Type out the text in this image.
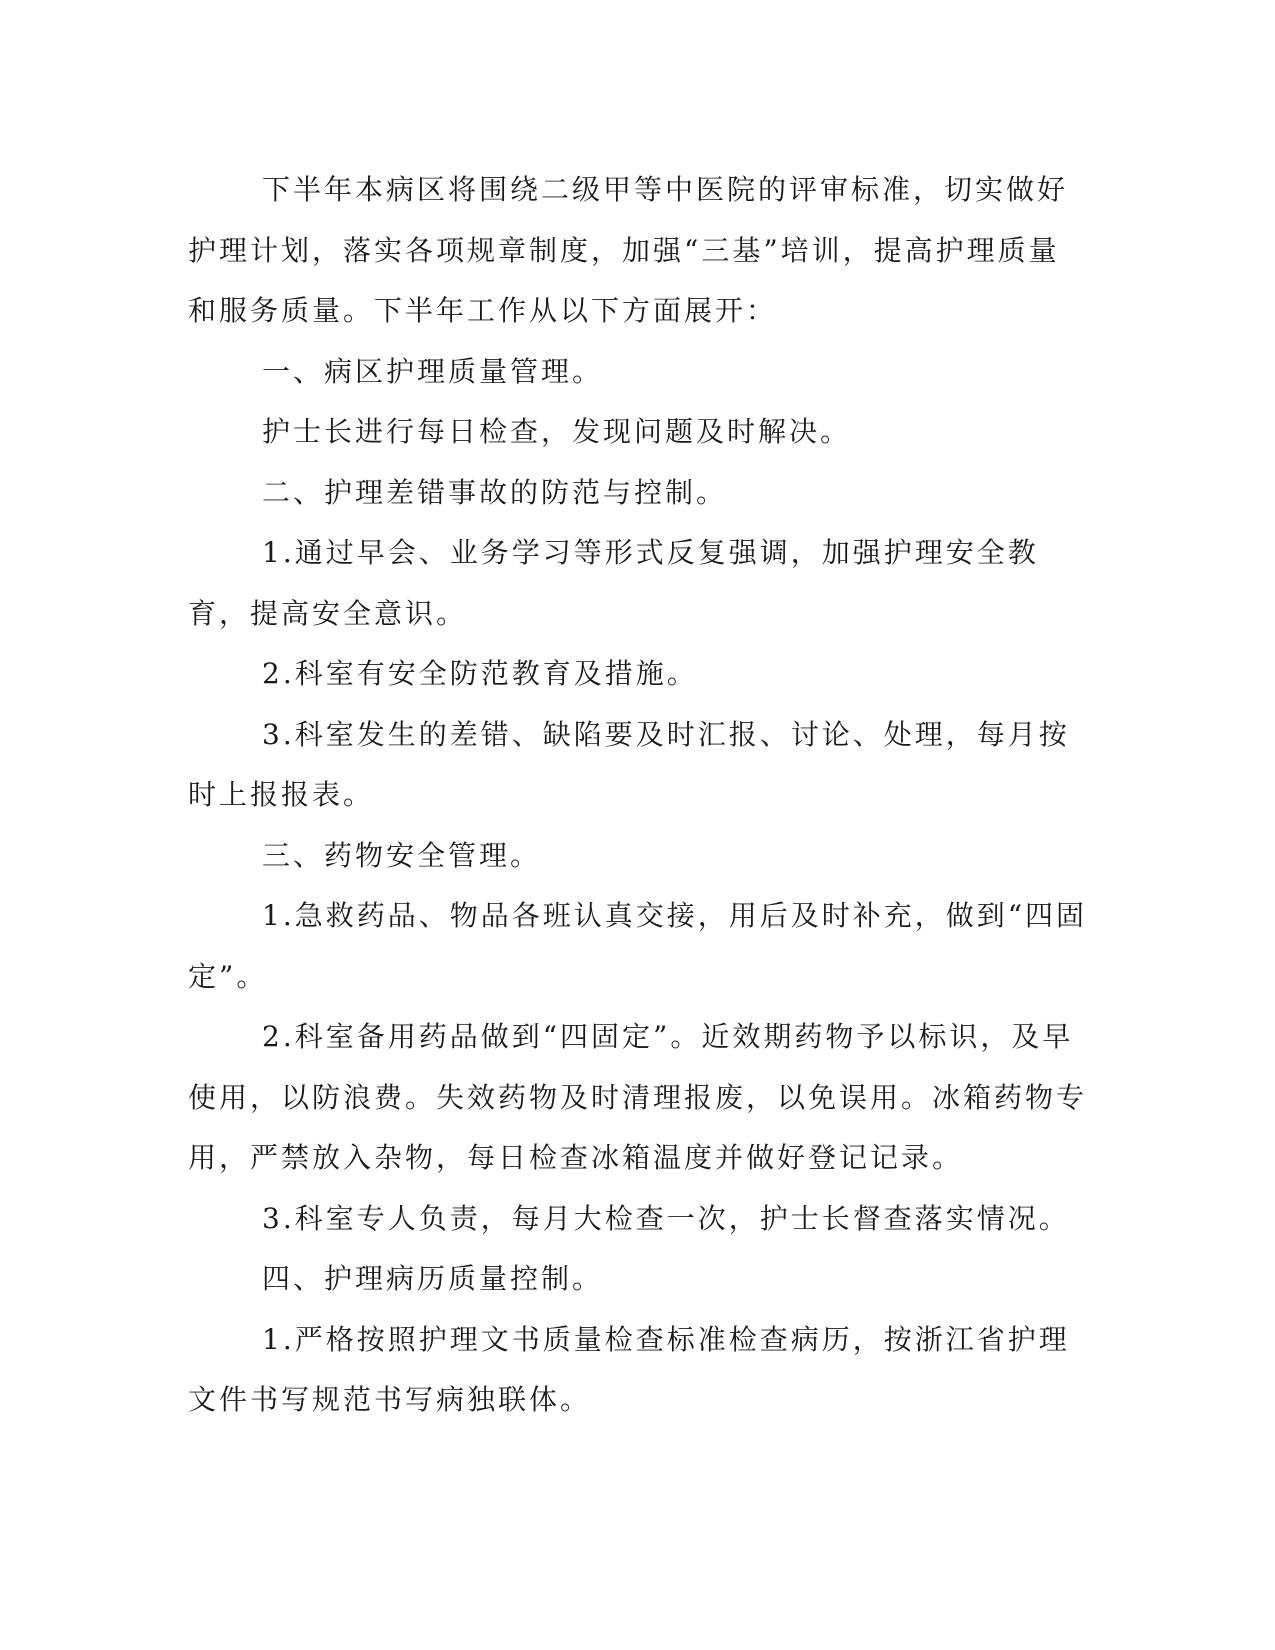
下半年本病区将围绕二级甲等中医院的评审标准，切实做好护理计划，落实各项规章制度，加强“三基”培训，提高护理质量和服务质量。下半年工作从以下方面展开：

一、病区护理质量管理。

护士长进行每日检查，发现问题及时解决。

二、护理差错事故的防范与控制。

1.通过早会、业务学习等形式反复强调，加强护理安全教育，提高安全意识。

2.科室有安全防范教育及措施。

3.科室发生的差错、缺陷要及时汇报、讨论、处理，每月按时上报报表。

三、药物安全管理。

1.急救药品、物品各班认真交接，用后及时补充，做到“四固定”。

2.科室备用药品做到“四固定”。近效期药物予以标识，及早使用，以防浪费。失效药物及时清理报废，以免误用。冰箱药物专用，严禁放入杂物，每日检查冰箱温度并做好登记记录。

3.科室专人负责，每月大检查一次，护士长督查落实情况。

四、护理病历质量控制。

1.严格按照护理文书质量检查标准检查病历，按浙江省护理文件书写规范书写病独联体。
